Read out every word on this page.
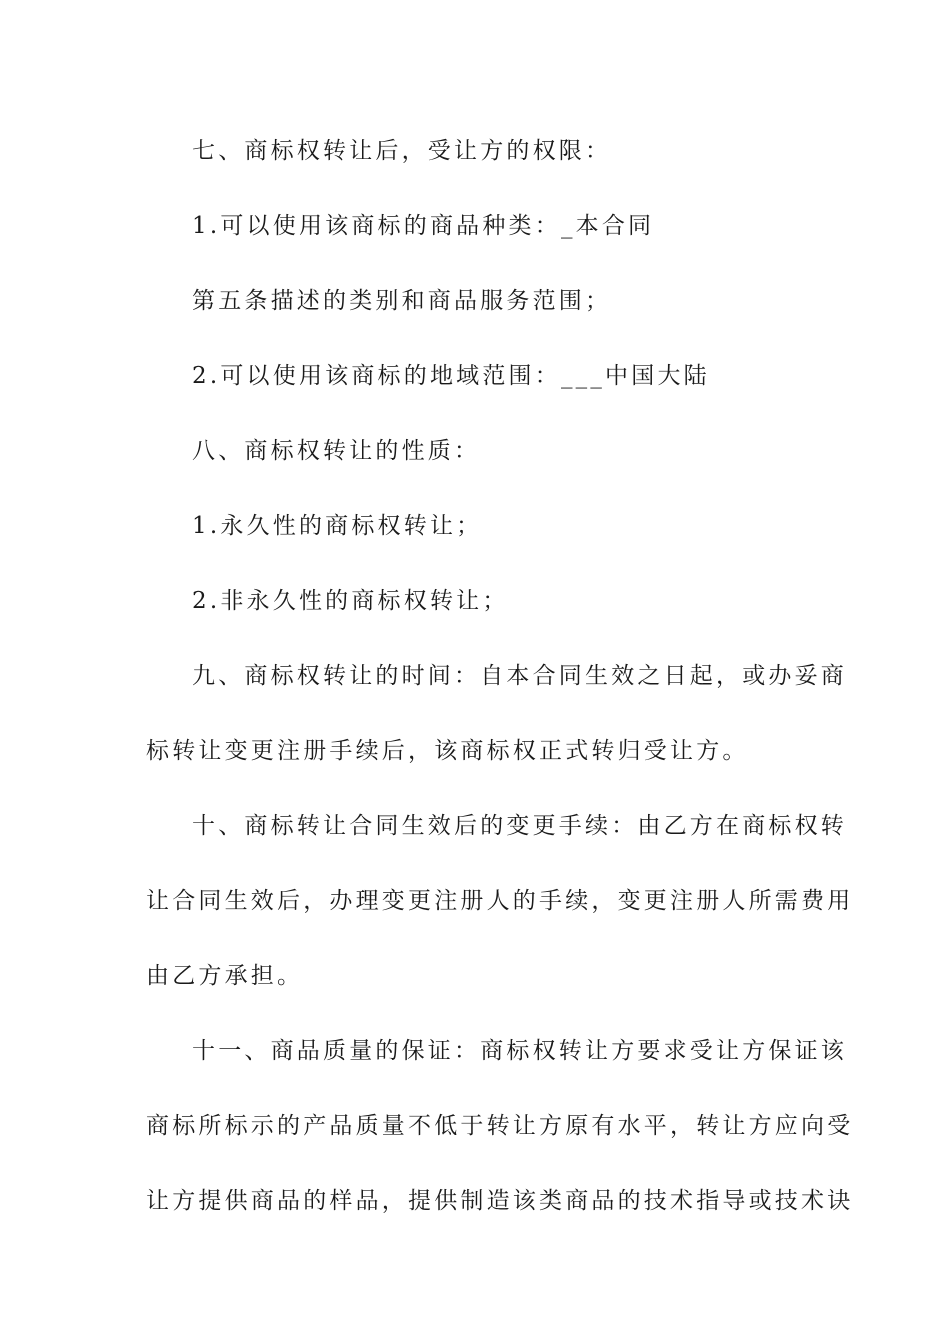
七、商标权转让后，受让方的权限：

1.可以使用该商标的商品种类：_本合同

第五条描述的类别和商品服务范围；

2.可以使用该商标的地域范围：___中国大陆

八、商标权转让的性质：

1.永久性的商标权转让；

2.非永久性的商标权转让；

九、商标权转让的时间：自本合同生效之日起，或办妥商

标转让变更注册手续后，该商标权正式转归受让方。

十、商标转让合同生效后的变更手续：由乙方在商标权转

让合同生效后，办理变更注册人的手续，变更注册人所需费用

由乙方承担。

十一、商品质量的保证：商标权转让方要求受让方保证该

商标所标示的产品质量不低于转让方原有水平，转让方应向受

让方提供商品的样品，提供制造该类商品的技术指导或技术诀
